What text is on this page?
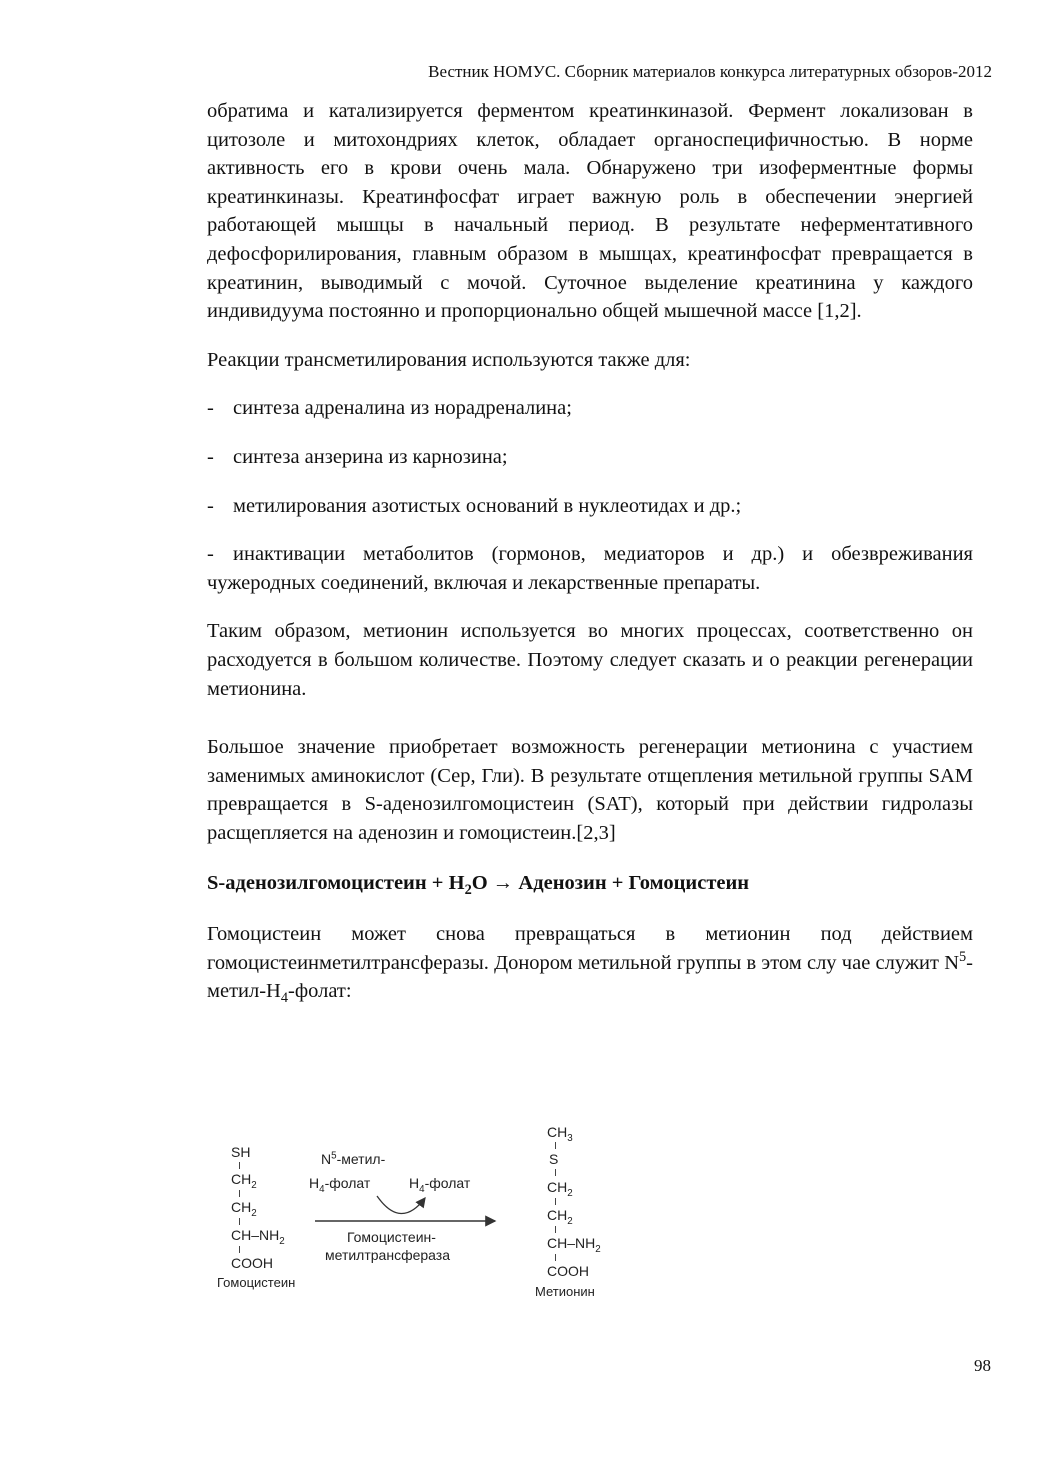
Вестник НОМУС. Сборник материалов конкурса литературных обзоров-2012

обратима и катализируется ферментом креатинкиназой. Фермент локализован в цитозоле и митохондриях клеток, обладает органоспецифичностью. В норме активность его в крови очень мала. Обнаружено три изоферментные формы креатинкиназы. Креатинфосфат играет важную роль в обеспечении энергией работающей мышцы в начальный период. В результате неферментативного дефосфорилирования, главным образом в мышцах, креатинфосфат превращается в креатинин, выводимый с мочой. Суточное выделение креатинина у каждого индивидуума постоянно и пропорционально общей мышечной массе [1,2].

Реакции трансметилирования используются также для:

- синтеза адреналина из норадреналина;

- синтеза анзерина из карнозина;

- метилирования азотистых оснований в нуклеотидах и др.;

- инактивации метаболитов (гормонов, медиаторов и др.) и обезвреживания чужеродных соединений, включая и лекарственные препараты.

Таким образом, метионин используется во многих процессах, соответственно он расходуется в большом количестве. Поэтому следует сказать и о реакции регенерации метионина.

Большое значение приобретает возможность регенерации метионина с участием заменимых аминокислот (Сер, Гли). В результате отщепления метильной группы SAM превращается в S-аденозилгомоцистеин (SAT), который при действии гидролазы расщепляется на аденозин и гомоцистеин.[2,3]

S-аденозилгомоцистеин + $H_2O$ → Аденозин + Гомоцистеин

Гомоцистеин может снова превращаться в метионин под действием гомоцистеинметилтрансферазы. Донором метильной группы в этом слу чае служит $N^5-метил-H_4$-фолат:

SH
$CH_2$
$CH_2$
$CH-NH_2$
COOH
Гомоцистеин
$N^5-метил-$
$H_4$-фолат	$H_4$-фолат
Гомоцистеин-
метилтрансфераза
$CH_3$
S
$CH_2$
$CH_2$
$CH-NH_2$
COOH
Метионин
98
